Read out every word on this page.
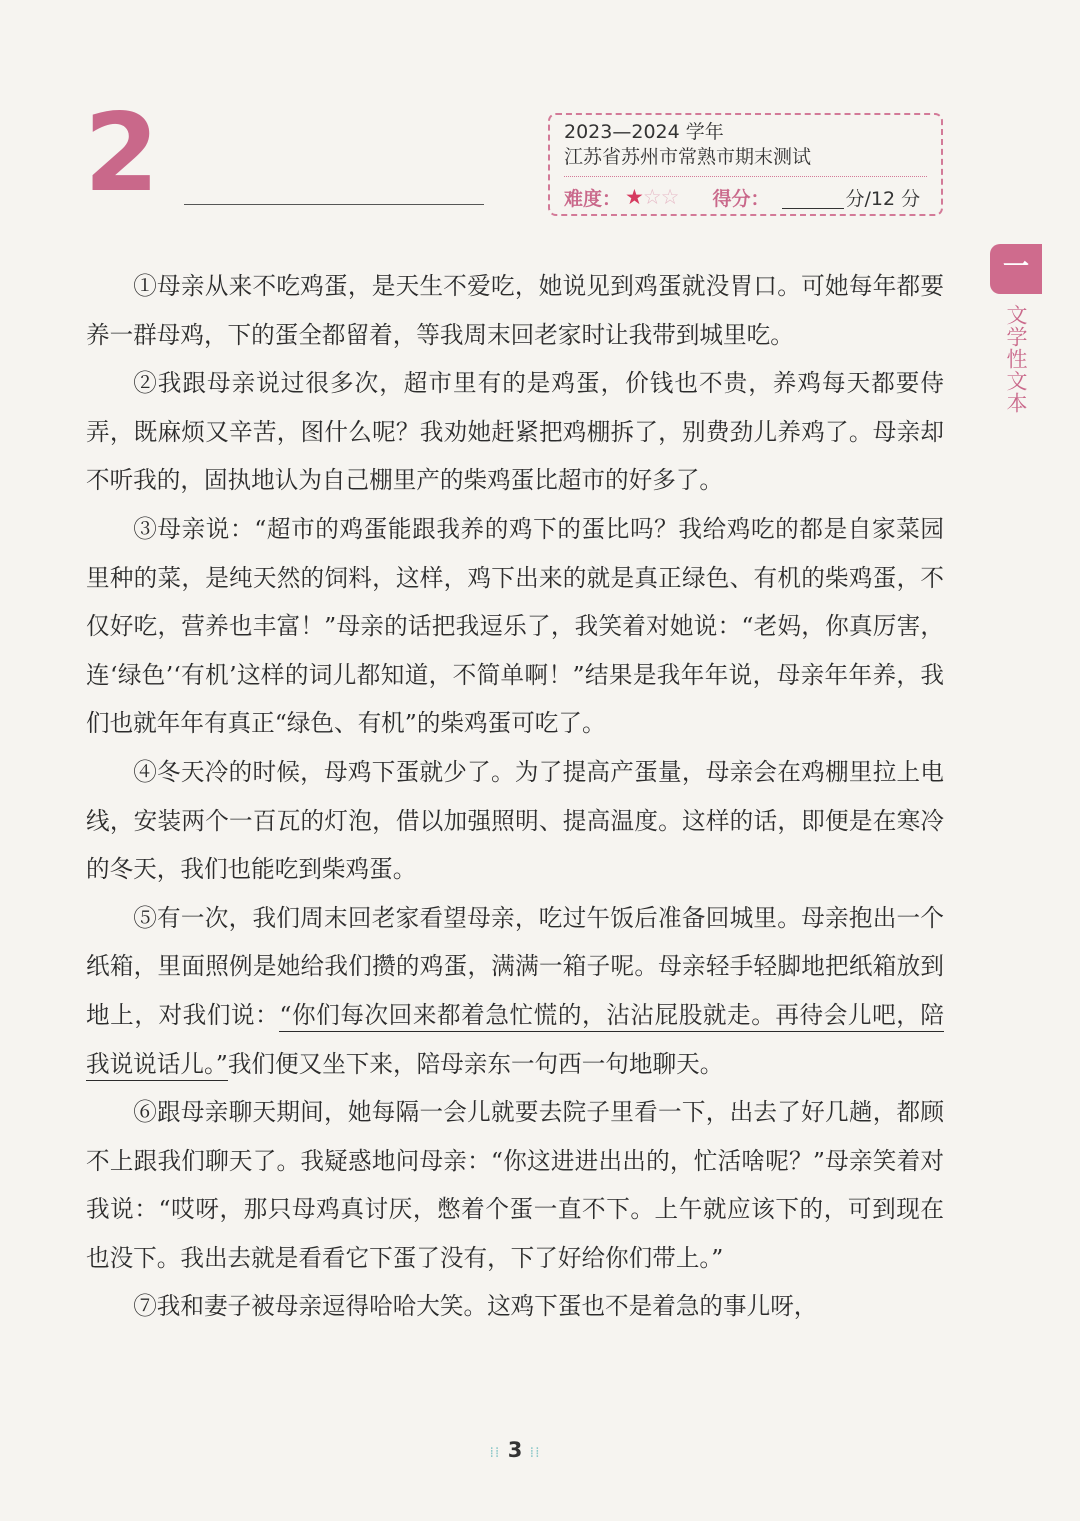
2	2023—2024 学年
江苏省苏州市常熟市期末测试
难度： ★☆☆ 得分：	分/12 分
一
文学性文本

①母亲从来不吃鸡蛋，是天生不爱吃，她说见到鸡蛋就没胃口。可她每年都要养一群母鸡，下的蛋全都留着，等我周末回老家时让我带到城里吃。

②我跟母亲说过很多次，超市里有的是鸡蛋，价钱也不贵，养鸡每天都要侍弄，既麻烦又辛苦，图什么呢？我劝她赶紧把鸡棚拆了，别费劲儿养鸡了。母亲却不听我的，固执地认为自己棚里产的柴鸡蛋比超市的好多了。

③母亲说：“超市的鸡蛋能跟我养的鸡下的蛋比吗？我给鸡吃的都是自家菜园里种的菜，是纯天然的饲料，这样，鸡下出来的就是真正绿色、有机的柴鸡蛋，不仅好吃，营养也丰富！”母亲的话把我逗乐了，我笑着对她说：“老妈，你真厉害，连‘绿色’‘有机’这样的词儿都知道，不简单啊！”结果是我年年说，母亲年年养，我们也就年年有真正“绿色、有机”的柴鸡蛋可吃了。

④冬天冷的时候，母鸡下蛋就少了。为了提高产蛋量，母亲会在鸡棚里拉上电线，安装两个一百瓦的灯泡，借以加强照明、提高温度。这样的话，即便是在寒冷的冬天，我们也能吃到柴鸡蛋。

⑤有一次，我们周末回老家看望母亲，吃过午饭后准备回城里。母亲抱出一个纸箱，里面照例是她给我们攒的鸡蛋，满满一箱子呢。母亲轻手轻脚地把纸箱放到地上，对我们说：“你们每次回来都着急忙慌的，沾沾屁股就走。再待会儿吧，陪我说说话儿。”我们便又坐下来，陪母亲东一句西一句地聊天。

⑥跟母亲聊天期间，她每隔一会儿就要去院子里看一下，出去了好几趟，都顾不上跟我们聊天了。我疑惑地问母亲：“你这进进出出的，忙活啥呢？”母亲笑着对我说：“哎呀，那只母鸡真讨厌，憋着个蛋一直不下。上午就应该下的，可到现在也没下。我出去就是看看它下蛋了没有，下了好给你们带上。”

⑦我和妻子被母亲逗得哈哈大笑。这鸡下蛋也不是着急的事儿呀，

⁞⁞ 3 ⁞⁞
